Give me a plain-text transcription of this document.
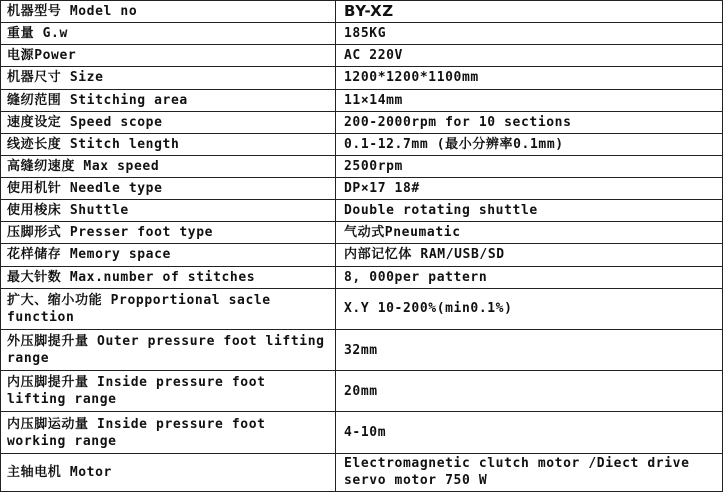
机器型号 Model no	BY-XZ
重量 G.w	185KG
电源Power	AC 220V
机器尺寸 Size	1200*1200*1100mm
缝纫范围 Stitching area	11×14mm
速度设定 Speed scope	200-2000rpm for 10 sections
线迹长度 Stitch length	0.1-12.7mm (最小分辨率0.1mm)
高缝纫速度 Max speed	2500rpm
使用机针 Needle type	DP×17 18#
使用梭床 Shuttle	Double rotating shuttle
压脚形式 Presser foot type	气动式Pneumatic
花样储存 Memory space	内部记忆体 RAM/USB/SD
最大针数 Max.number of stitches	8, 000per pattern
扩大、缩小功能 Propportional sacle function	X.Y 10-200%(min0.1%)
外压脚提升量 Outer pressure foot lifting range	32mm
内压脚提升量 Inside pressure foot lifting range	20mm
内压脚运动量 Inside pressure foot working range	4-10m
主轴电机 Motor	Electromagnetic clutch motor /Diect drive servo motor 750 W
